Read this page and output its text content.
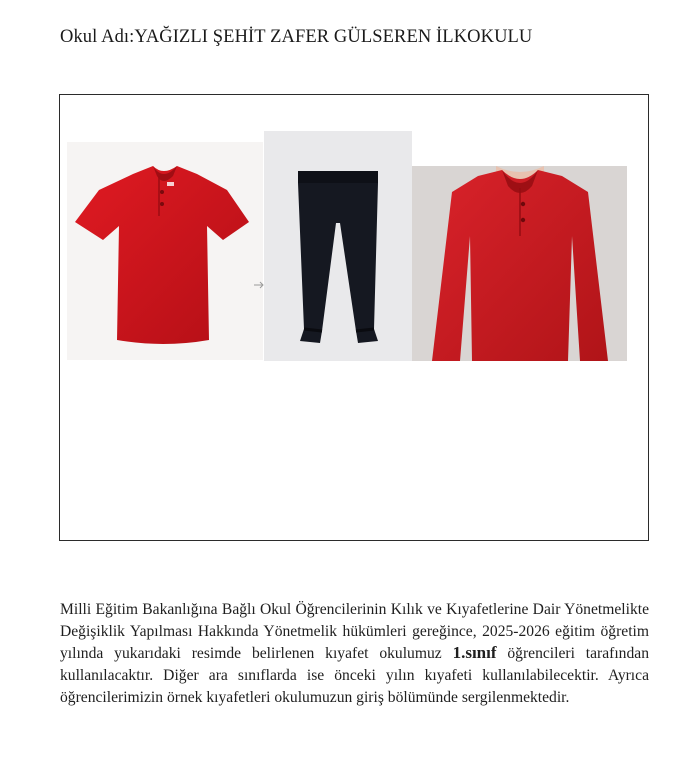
Okul Adı:YAĞIZLI ŞEHİT ZAFER GÜLSEREN İLKOKULU
Milli Eğitim Bakanlığına Bağlı Okul Öğrencilerinin Kılık ve Kıyafetlerine Dair Yönetmelikte Değişiklik Yapılması Hakkında Yönetmelik hükümleri gereğince, 2025-2026 eğitim öğretim yılında yukarıdaki resimde belirlenen kıyafet okulumuz 1.sınıf öğrencileri tarafından kullanılacaktır. Diğer ara sınıflarda ise önceki yılın kıyafeti kullanılabilecektir. Ayrıca öğrencilerimizin örnek kıyafetleri okulumuzun giriş bölümünde sergilenmektedir.
